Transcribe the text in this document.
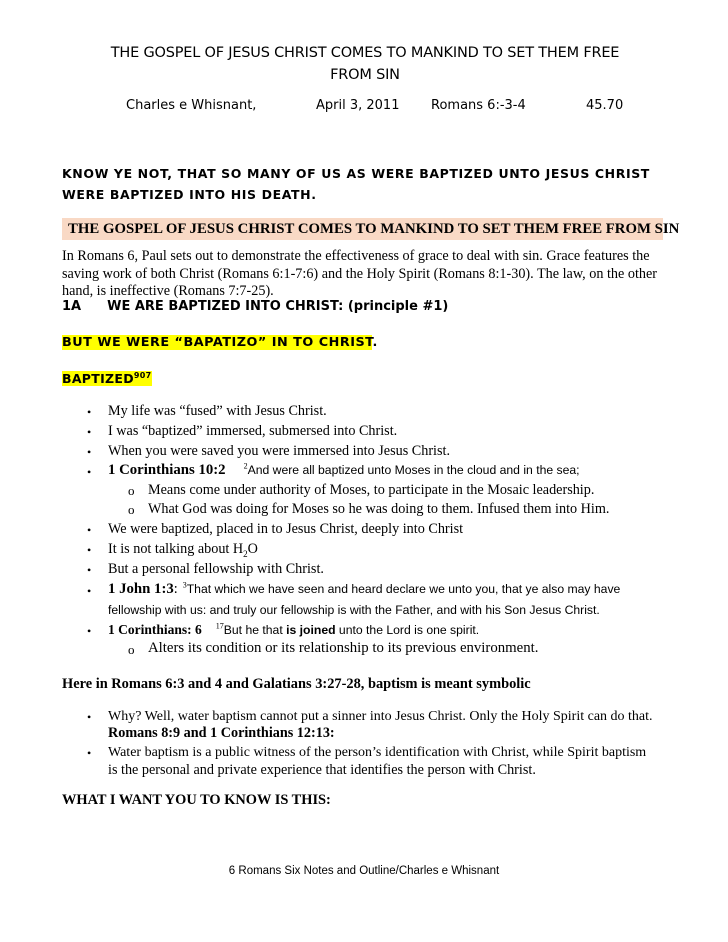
THE GOSPEL OF JESUS CHRIST COMES TO MANKIND TO SET THEM FREE
FROM SIN
Charles e Whisnant,	April 3, 2011 Romans 6:-3-4	45.70
KNOW YE NOT, THAT SO MANY OF US AS WERE BAPTIZED UNTO JESUS CHRIST
WERE BAPTIZED INTO HIS DEATH.
THE GOSPEL OF JESUS CHRIST COMES TO MANKIND TO SET THEM FREE FROM SIN
In Romans 6, Paul sets out to demonstrate the effectiveness of grace to deal with sin. Grace features the saving work of both Christ (Romans 6:1-7:6) and the Holy Spirit (Romans 8:1-30). The law, on the other hand, is ineffective (Romans 7:7-25).
1A WE ARE BAPTIZED INTO CHRIST: (principle #1)
BUT WE WERE “BAPATIZO” IN TO CHRIST.
BAPTIZED$^{907}$
• My life was “fused” with Jesus Christ.
• I was “baptized” immersed, submersed into Christ.
• When you were saved you were immersed into Jesus Christ.
• 1 Corinthians 10:2 $^2$And were all baptized unto Moses in the cloud and in the sea;
o Means come under authority of Moses, to participate in the Mosaic leadership.
o What God was doing for Moses so he was doing to them. Infused them into Him.
• We were baptized, placed in to Jesus Christ, deeply into Christ
• It is not talking about $H_2O$
• But a personal fellowship with Christ.
• 1 John 1:3: $^3$That which we have seen and heard declare we unto you, that ye also may have
fellowship with us: and truly our fellowship is with the Father, and with his Son Jesus Christ.
• 1 Corinthians: 6 $^{17}$But he that is joined unto the Lord is one spirit.
o Alters its condition or its relationship to its previous environment.
Here in Romans 6:3 and 4 and Galatians 3:27-28, baptism is meant symbolic
• Why? Well, water baptism cannot put a sinner into Jesus Christ. Only the Holy Spirit can do that.
Romans 8:9 and 1 Corinthians 12:13:
• Water baptism is a public witness of the person’s identification with Christ, while Spirit baptism
is the personal and private experience that identifies the person with Christ.
WHAT I WANT YOU TO KNOW IS THIS:
6 Romans Six Notes and Outline/Charles e Whisnant
